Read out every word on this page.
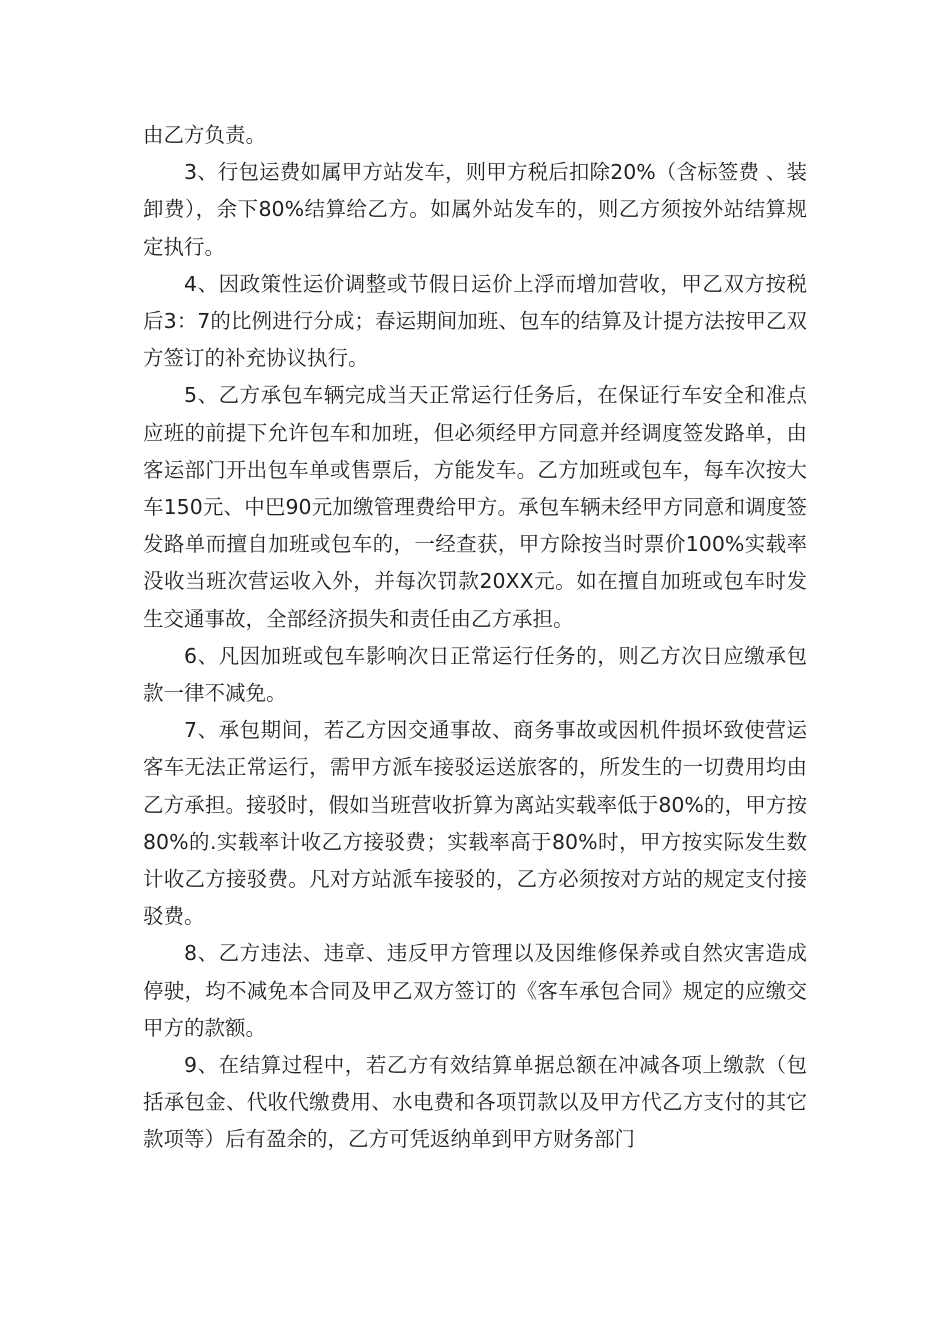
由乙方负责。

3、行包运费如属甲方站发车，则甲方税后扣除20%（含标签费 、装卸费），余下80%结算给乙方。如属外站发车的，则乙方须按外站结算规定执行。

4、因政策性运价调整或节假日运价上浮而增加营收，甲乙双方按税后3：7的比例进行分成；春运期间加班、包车的结算及计提方法按甲乙双方签订的补充协议执行。

5、乙方承包车辆完成当天正常运行任务后，在保证行车安全和准点应班的前提下允许包车和加班，但必须经甲方同意并经调度签发路单，由客运部门开出包车单或售票后，方能发车。乙方加班或包车，每车次按大车150元、中巴90元加缴管理费给甲方。承包车辆未经甲方同意和调度签发路单而擅自加班或包车的，一经查获，甲方除按当时票价100%实载率没收当班次营运收入外，并每次罚款20XX元。如在擅自加班或包车时发生交通事故，全部经济损失和责任由乙方承担。

6、凡因加班或包车影响次日正常运行任务的，则乙方次日应缴承包款一律不减免。

7、承包期间，若乙方因交通事故、商务事故或因机件损坏致使营运客车无法正常运行，需甲方派车接驳运送旅客的，所发生的一切费用均由乙方承担。接驳时，假如当班营收折算为离站实载率低于80%的，甲方按80%的.实载率计收乙方接驳费；实载率高于80%时，甲方按实际发生数计收乙方接驳费。凡对方站派车接驳的，乙方必须按对方站的规定支付接驳费。

8、乙方违法、违章、违反甲方管理以及因维修保养或自然灾害造成停驶，均不减免本合同及甲乙双方签订的《客车承包合同》规定的应缴交甲方的款额。

9、在结算过程中，若乙方有效结算单据总额在冲减各项上缴款（包括承包金、代收代缴费用、水电费和各项罚款以及甲方代乙方支付的其它款项等）后有盈余的，乙方可凭返纳单到甲方财务部门
